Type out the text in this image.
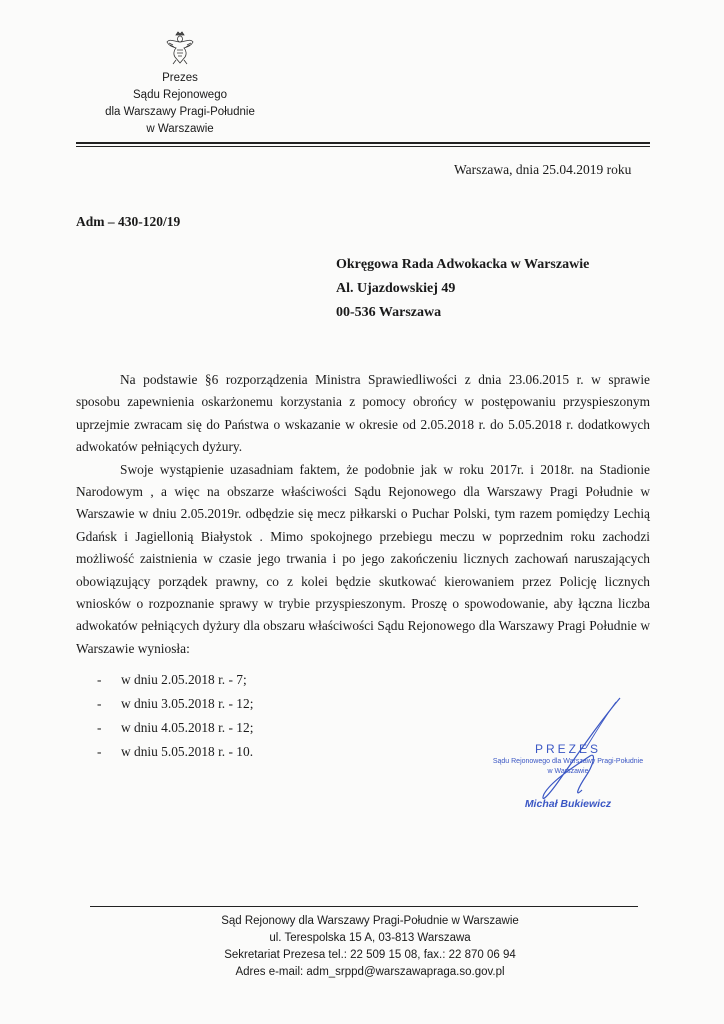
Prezes
Sądu Rejonowego
dla Warszawy Pragi-Południe
w Warszawie
Warszawa, dnia 25.04.2019 roku
Adm – 430-120/19
Okręgowa Rada Adwokacka w Warszawie
Al. Ujazdowskiej 49
00-536 Warszawa

Na podstawie §6 rozporządzenia Ministra Sprawiedliwości z dnia 23.06.2015 r. w sprawie sposobu zapewnienia oskarżonemu korzystania z pomocy obrońcy w postępowaniu przyspieszonym uprzejmie zwracam się do Państwa o wskazanie w okresie od 2.05.2018 r. do 5.05.2018 r. dodatkowych adwokatów pełniących dyżury.

Swoje wystąpienie uzasadniam faktem, że podobnie jak w roku 2017r. i 2018r. na Stadionie Narodowym , a więc na obszarze właściwości Sądu Rejonowego dla Warszawy Pragi Południe w Warszawie w dniu 2.05.2019r. odbędzie się mecz piłkarski o Puchar Polski, tym razem pomiędzy Lechią Gdańsk i Jagiellonią Białystok . Mimo spokojnego przebiegu meczu w poprzednim roku zachodzi możliwość zaistnienia w czasie jego trwania i po jego zakończeniu licznych zachowań naruszających obowiązujący porządek prawny, co z kolei będzie skutkować kierowaniem przez Policję licznych wniosków o rozpoznanie sprawy w trybie przyspieszonym. Proszę o spowodowanie, aby łączna liczba adwokatów pełniących dyżury dla obszaru właściwości Sądu Rejonowego dla Warszawy Pragi Południe w Warszawie wyniosła:

-	w dniu 2.05.2018 r. - 7;
-	w dniu 3.05.2018 r. - 12;
-	w dniu 4.05.2018 r. - 12;
-	w dniu 5.05.2018 r. - 10.	PREZES
Sądu Rejonowego dla Warszawy Pragi-Południe
w Warszawie
Michał Bukiewicz
Sąd Rejonowy dla Warszawy Pragi-Południe w Warszawie
ul. Terespolska 15 A, 03-813 Warszawa
Sekretariat Prezesa tel.: 22 509 15 08, fax.: 22 870 06 94
Adres e-mail: adm_srppd@warszawapraga.so.gov.pl
